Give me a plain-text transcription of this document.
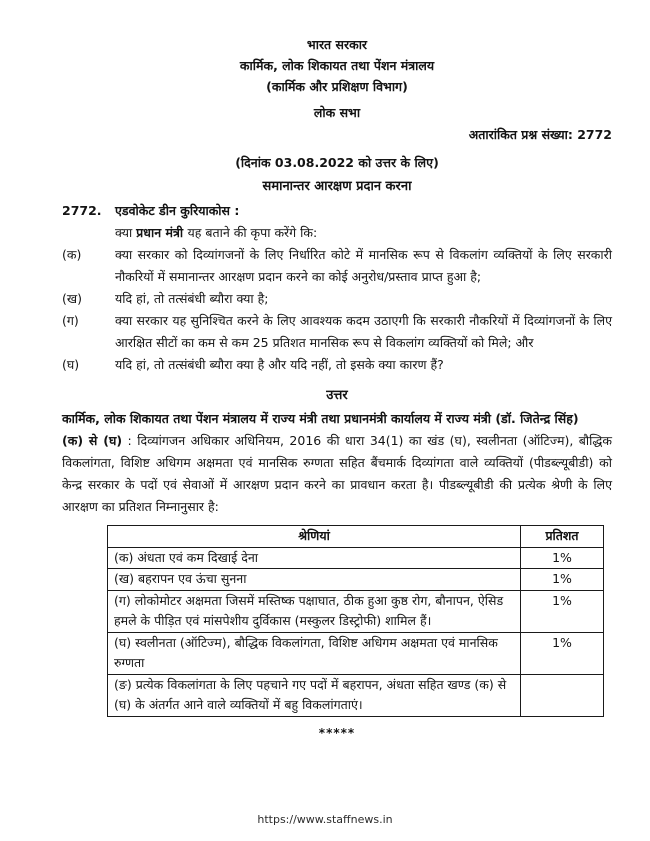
भारत सरकार
कार्मिक, लोक शिकायत तथा पेंशन मंत्रालय
(कार्मिक और प्रशिक्षण विभाग)
लोक सभा
अतारांकित प्रश्न संख्या: 2772
(दिनांक 03.08.2022 को उत्तर के लिए)
समानान्तर आरक्षण प्रदान करना
2772.	एडवोकेट डीन कुरियाकोस :
क्या प्रधान मंत्री यह बताने की कृपा करेंगे कि:
(क)	क्या सरकार को दिव्यांगजनों के लिए निर्धारित कोटे में मानसिक रूप से विकलांग व्यक्तियों के लिए सरकारी नौकरियों में समानान्तर आरक्षण प्रदान करने का कोई अनुरोध/प्रस्ताव प्राप्त हुआ है;
(ख)	यदि हां, तो तत्संबंधी ब्यौरा क्या है;
(ग)	क्या सरकार यह सुनिश्चित करने के लिए आवश्यक कदम उठाएगी कि सरकारी नौकरियों में दिव्यांगजनों के लिए आरक्षित सीटों का कम से कम 25 प्रतिशत मानसिक रूप से विकलांग व्यक्तियों को मिले; और
(घ)	यदि हां, तो तत्संबंधी ब्यौरा क्या है और यदि नहीं, तो इसके क्या कारण हैं?
उत्तर
कार्मिक, लोक शिकायत तथा पेंशन मंत्रालय में राज्य मंत्री तथा प्रधानमंत्री कार्यालय में राज्य मंत्री (डॉ. जितेन्द्र सिंह)
(क) से (घ) : दिव्यांगजन अधिकार अधिनियम, 2016 की धारा 34(1) का खंड (घ), स्वलीनता (ऑटिज्म), बौद्धिक विकलांगता, विशिष्ट अधिगम अक्षमता एवं मानसिक रुग्णता सहित बैंचमार्क दिव्यांगता वाले व्यक्तियों (पीडब्ल्यूबीडी) को केन्द्र सरकार के पदों एवं सेवाओं में आरक्षण प्रदान करने का प्रावधान करता है। पीडब्ल्यूबीडी की प्रत्येक श्रेणी के लिए आरक्षण का प्रतिशत निम्नानुसार है:
श्रेणियां	प्रतिशत
(क) अंधता एवं कम दिखाई देना	1%
(ख) बहरापन एव ऊंचा सुनना	1%
(ग) लोकोमोटर अक्षमता जिसमें मस्तिष्क पक्षाघात, ठीक हुआ कुष्ठ रोग, बौनापन, ऐसिड हमले के पीड़ित एवं मांसपेशीय दुर्विकास (मस्कुलर डिस्ट्रोफी) शामिल हैं।	1%
(घ) स्वलीनता (ऑटिज्म), बौद्धिक विकलांगता, विशिष्ट अधिगम अक्षमता एवं मानसिक रुग्णता	1%
(ङ) प्रत्येक विकलांगता के लिए पहचाने गए पदों में बहरापन, अंधता सहित खण्ड (क) से (घ) के अंतर्गत आने वाले व्यक्तियों में बहु विकलांगताएं।	
*****
https://www.staffnews.in
